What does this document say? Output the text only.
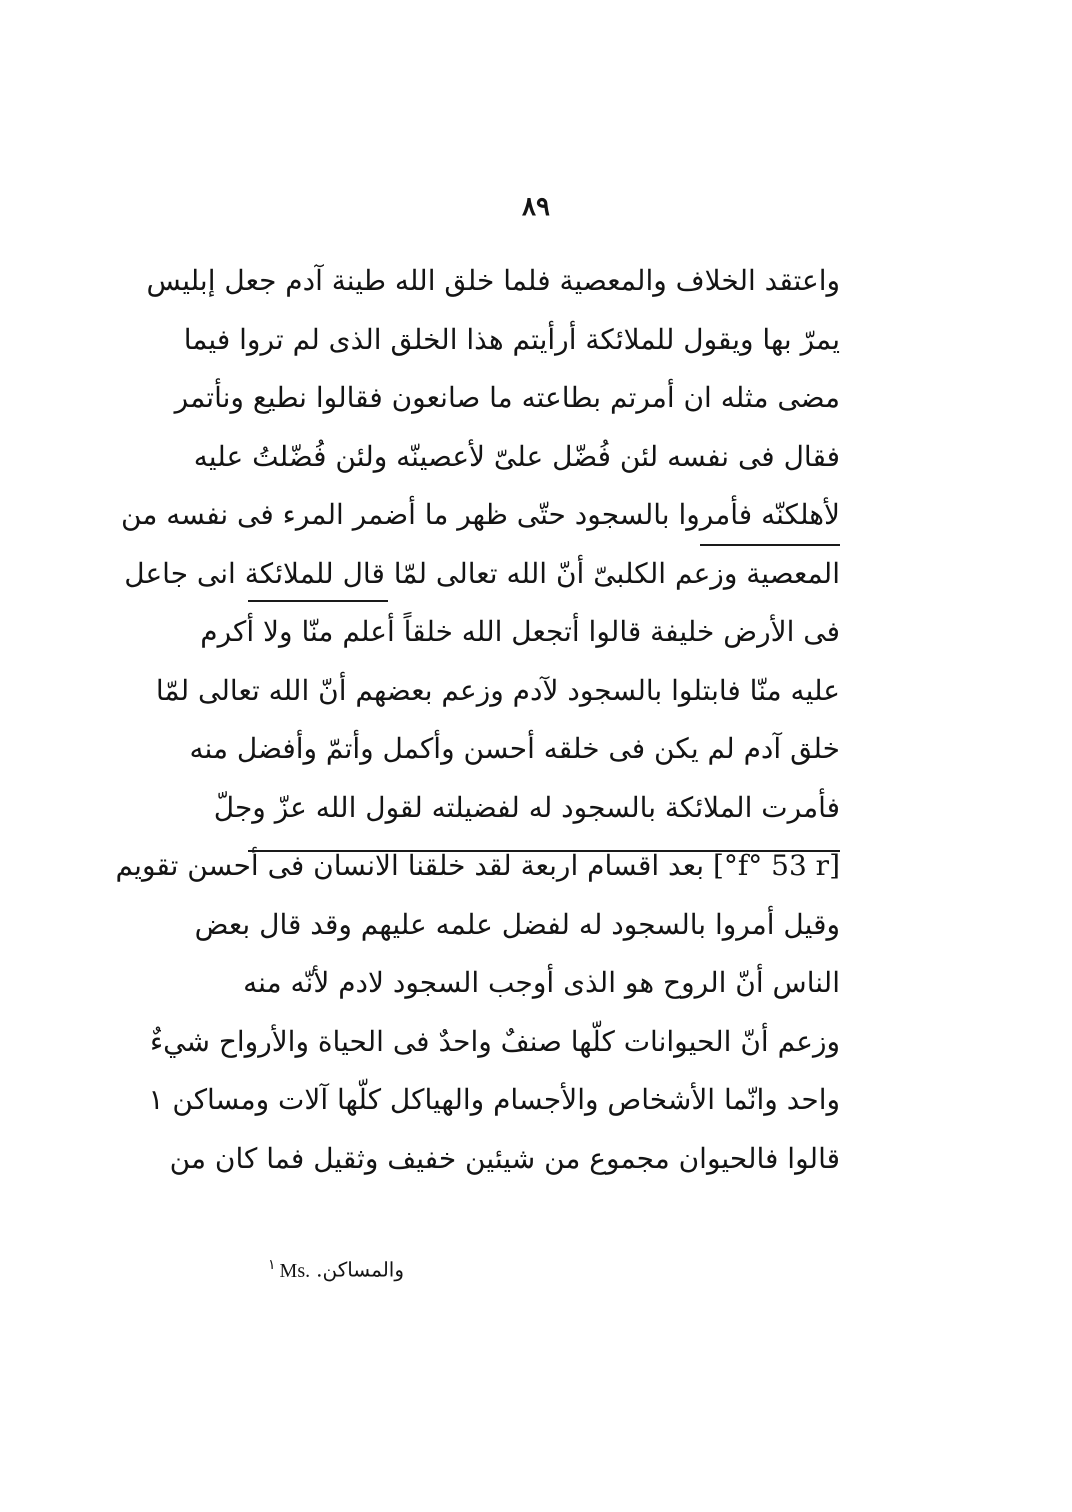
٨٩
واعتقد الخلاف والمعصية فلما خلق الله طينة آدم جعل إبليس
يمرّ بها ويقول للملائكة أرأيتم هذا الخلق الذى لم تروا فيما
مضى مثله ان أمرتم بطاعته ما صانعون فقالوا نطيع ونأتمر
فقال فى نفسه لئن فُضّل علىّ لأعصينّه ولئن فُضّلتُ عليه
لأهلكنّه فأمروا بالسجود حتّى ظهر ما أضمر المرء فى نفسه من
المعصية وزعم الكلبىّ أنّ الله تعالى لمّا قال للملائكة انى جاعل
فى الأرض خليفة قالوا أتجعل الله خلقاً أعلم منّا ولا أكرم
عليه منّا فابتلوا بالسجود لآدم وزعم بعضهم أنّ الله تعالى لمّا
خلق آدم لم يكن فى خلقه أحسن وأكمل وأتمّ وأفضل منه
فأمرت الملائكة بالسجود له لفضيلته لقول الله عزّ وجلّ
[f° 53 r°] بعد اقسام اربعة لقد خلقنا الانسان فى أحسن تقويم
وقيل أمروا بالسجود له لفضل علمه عليهم وقد قال بعض
الناس أنّ الروح هو الذى أوجب السجود لادم لأنّه منه
وزعم أنّ الحيوانات كلّها صنفٌ واحدٌ فى الحياة والأرواح شيءٌ
واحد وانّما الأشخاص والأجسام والهياكل كلّها آلات ومساكن ١
قالوا فالحيوان مجموع من شيئين خفيف وثقيل فما كان من
$^١$ Ms. والمساكن.
